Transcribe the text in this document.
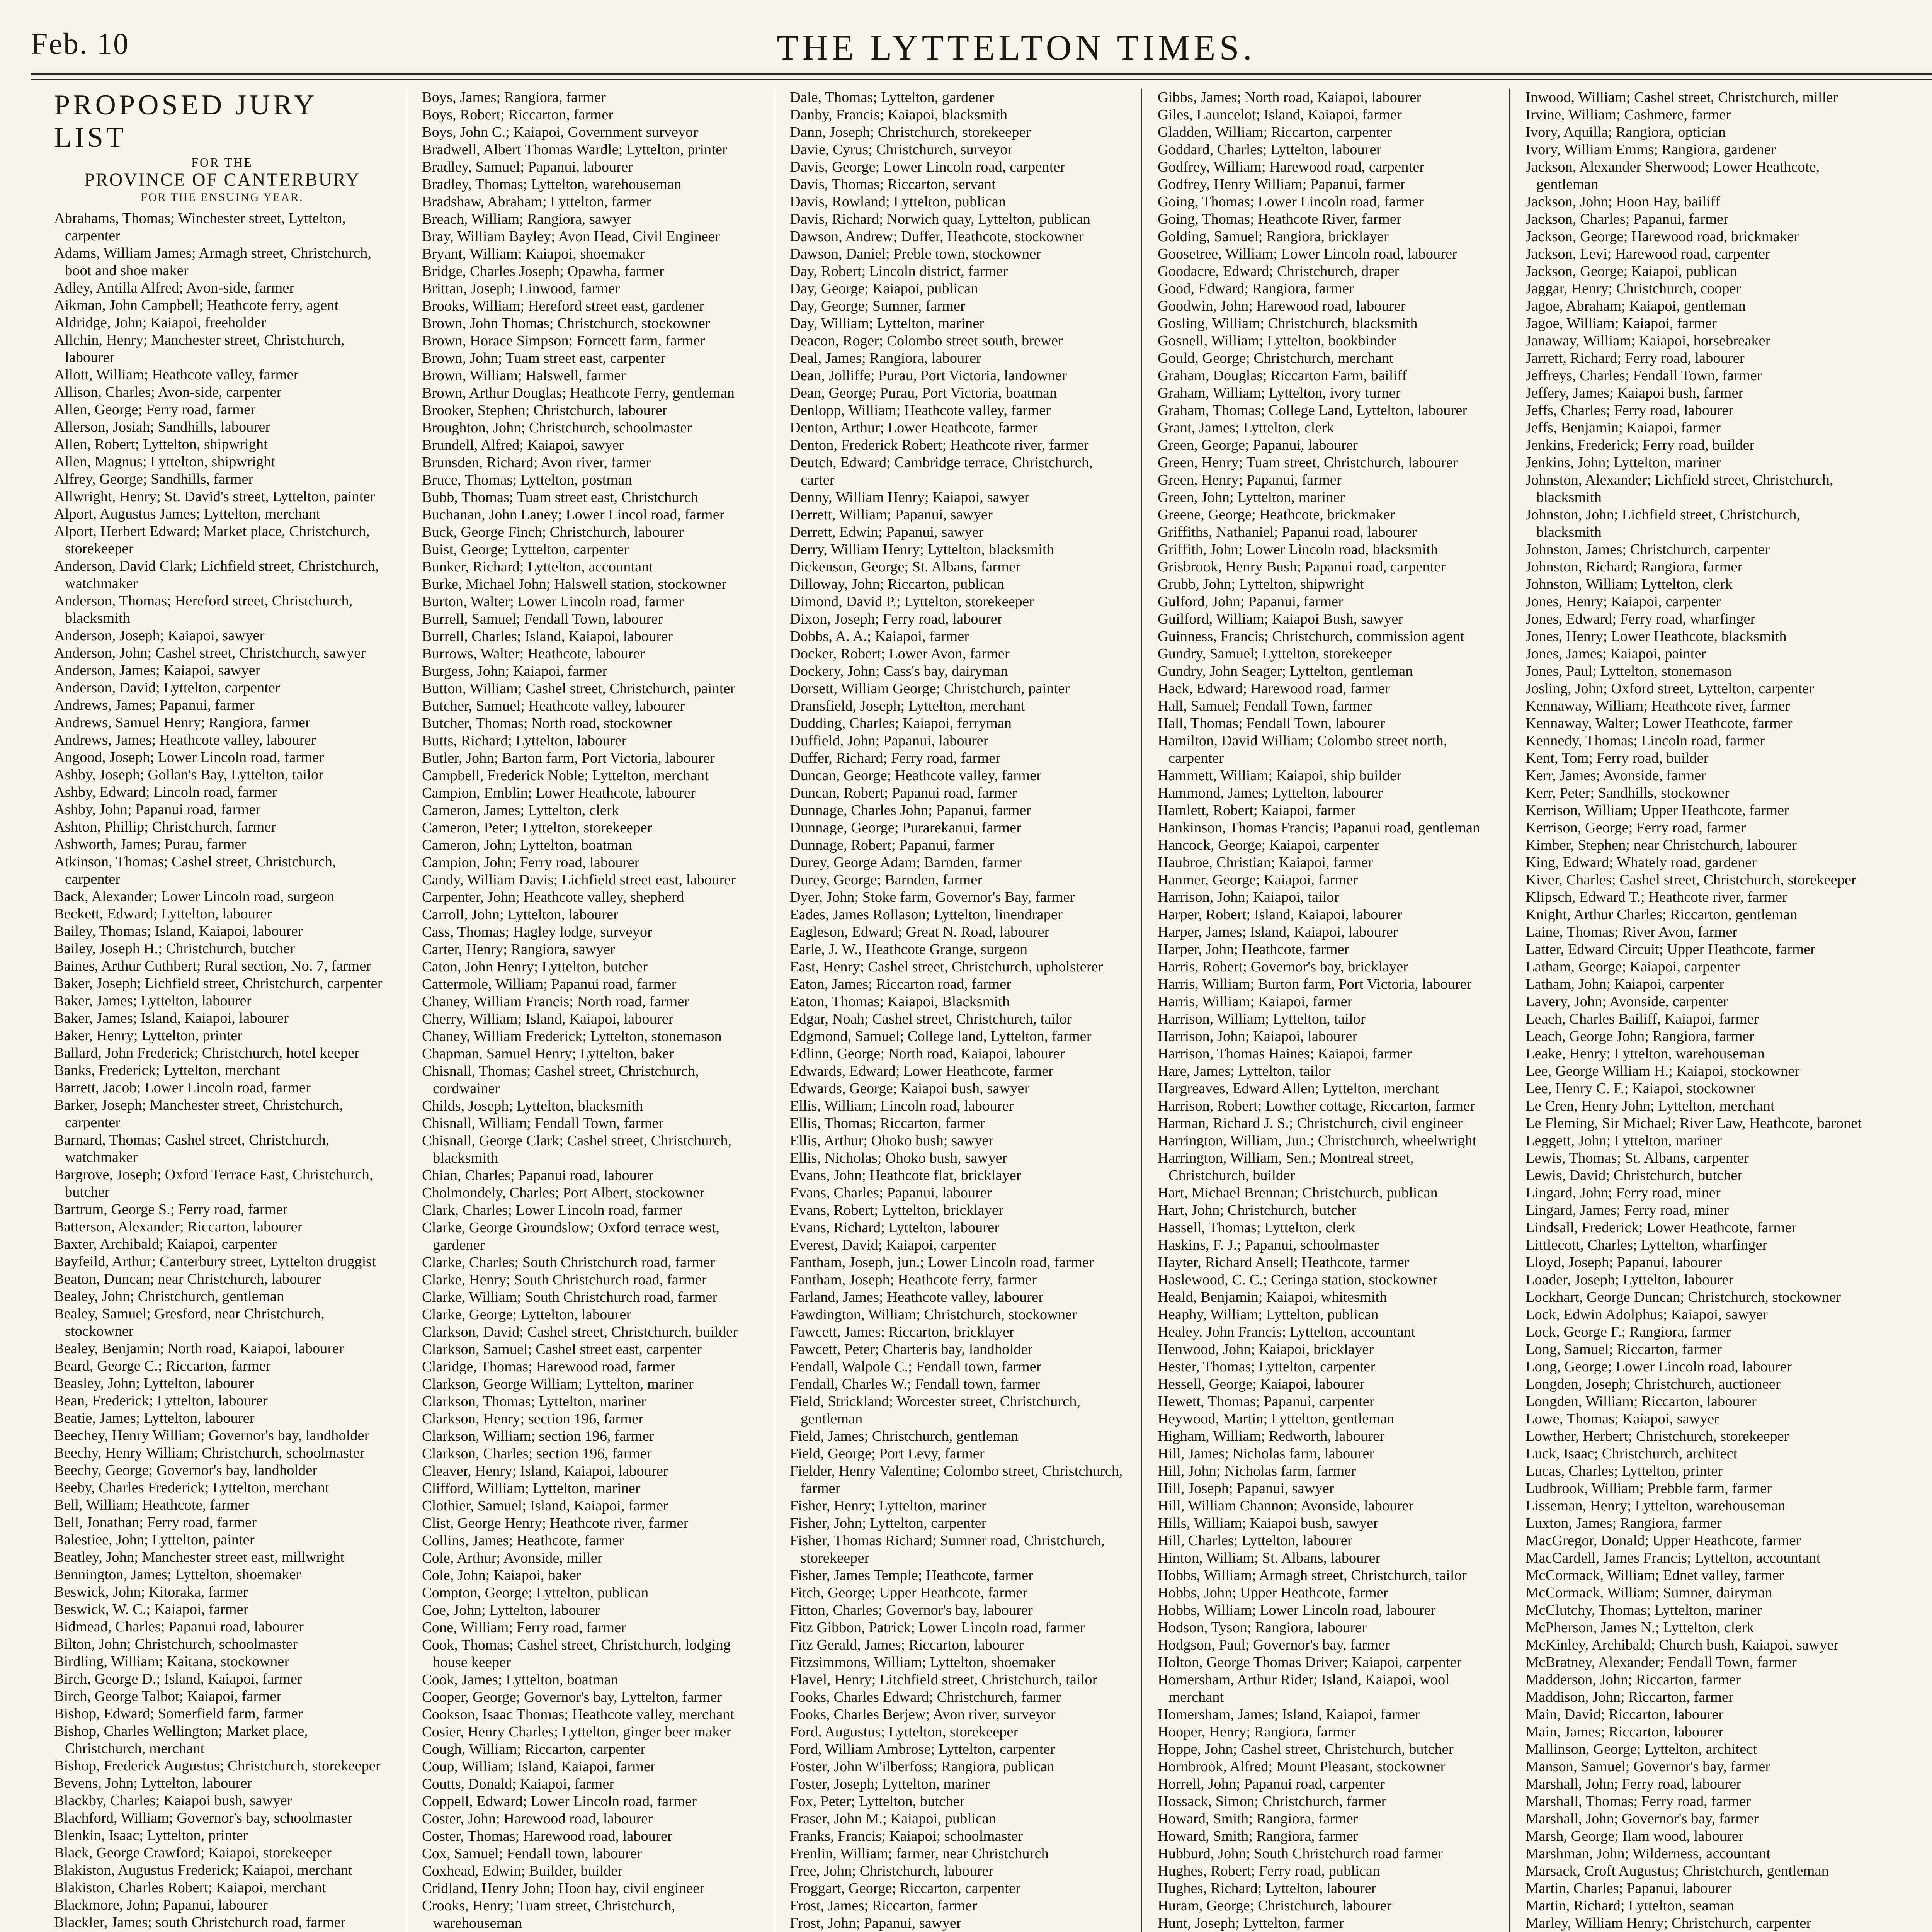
Feb. 10	THE LYTTELTON TIMES.
PROPOSED JURY LIST
FOR THE
PROVINCE OF CANTERBURY
FOR THE ENSUING YEAR.

Abrahams, Thomas; Winchester street, Lyttelton, carpenter

Adams, William James; Armagh street, Christchurch, boot and shoe maker

Adley, Antilla Alfred; Avon-side, farmer

Aikman, John Campbell; Heathcote ferry, agent

Aldridge, John; Kaiapoi, freeholder

Allchin, Henry; Manchester street, Christchurch, labourer

Allott, William; Heathcote valley, farmer

Allison, Charles; Avon-side, carpenter

Allen, George; Ferry road, farmer

Allerson, Josiah; Sandhills, labourer

Allen, Robert; Lyttelton, shipwright

Allen, Magnus; Lyttelton, shipwright

Alfrey, George; Sandhills, farmer

Allwright, Henry; St. David's street, Lyttelton, painter

Alport, Augustus James; Lyttelton, merchant

Alport, Herbert Edward; Market place, Christchurch, storekeeper

Anderson, David Clark; Lichfield street, Christchurch, watchmaker

Anderson, Thomas; Hereford street, Christchurch, blacksmith

Anderson, Joseph; Kaiapoi, sawyer

Anderson, John; Cashel street, Christchurch, sawyer

Anderson, James; Kaiapoi, sawyer

Anderson, David; Lyttelton, carpenter

Andrews, James; Papanui, farmer

Andrews, Samuel Henry; Rangiora, farmer

Andrews, James; Heathcote valley, labourer

Angood, Joseph; Lower Lincoln road, farmer

Ashby, Joseph; Gollan's Bay, Lyttelton, tailor

Ashby, Edward; Lincoln road, farmer

Ashby, John; Papanui road, farmer

Ashton, Phillip; Christchurch, farmer

Ashworth, James; Purau, farmer

Atkinson, Thomas; Cashel street, Christchurch, carpenter

Back, Alexander; Lower Lincoln road, surgeon

Beckett, Edward; Lyttelton, labourer

Bailey, Thomas; Island, Kaiapoi, labourer

Bailey, Joseph H.; Christchurch, butcher

Baines, Arthur Cuthbert; Rural section, No. 7, farmer

Baker, Joseph; Lichfield street, Christchurch, carpenter

Baker, James; Lyttelton, labourer

Baker, James; Island, Kaiapoi, labourer

Baker, Henry; Lyttelton, printer

Ballard, John Frederick; Christchurch, hotel keeper

Banks, Frederick; Lyttelton, merchant

Barrett, Jacob; Lower Lincoln road, farmer

Barker, Joseph; Manchester street, Christchurch, carpenter

Barnard, Thomas; Cashel street, Christchurch, watchmaker

Bargrove, Joseph; Oxford Terrace East, Christchurch, butcher

Bartrum, George S.; Ferry road, farmer

Batterson, Alexander; Riccarton, labourer

Baxter, Archibald; Kaiapoi, carpenter

Bayfeild, Arthur; Canterbury street, Lyttelton druggist

Beaton, Duncan; near Christchurch, labourer

Bealey, John; Christchurch, gentleman

Bealey, Samuel; Gresford, near Christchurch, stockowner

Bealey, Benjamin; North road, Kaiapoi, labourer

Beard, George C.; Riccarton, farmer

Beasley, John; Lyttelton, labourer

Bean, Frederick; Lyttelton, labourer

Beatie, James; Lyttelton, labourer

Beechey, Henry William; Governor's bay, landholder

Beechy, Henry William; Christchurch, schoolmaster

Beechy, George; Governor's bay, landholder

Beeby, Charles Frederick; Lyttelton, merchant

Bell, William; Heathcote, farmer

Bell, Jonathan; Ferry road, farmer

Balestiee, John; Lyttelton, painter

Beatley, John; Manchester street east, millwright

Bennington, James; Lyttelton, shoemaker

Beswick, John; Kitoraka, farmer

Beswick, W. C.; Kaiapoi, farmer

Bidmead, Charles; Papanui road, labourer

Bilton, John; Christchurch, schoolmaster

Birdling, William; Kaitana, stockowner

Birch, George D.; Island, Kaiapoi, farmer

Birch, George Talbot; Kaiapoi, farmer

Bishop, Edward; Somerfield farm, farmer

Bishop, Charles Wellington; Market place, Christchurch, merchant

Bishop, Frederick Augustus; Christchurch, storekeeper

Bevens, John; Lyttelton, labourer

Blackby, Charles; Kaiapoi bush, sawyer

Blachford, William; Governor's bay, schoolmaster

Blenkin, Isaac; Lyttelton, printer

Black, George Crawford; Kaiapoi, storekeeper

Blakiston, Augustus Frederick; Kaiapoi, merchant

Blakiston, Charles Robert; Kaiapoi, merchant

Blackmore, John; Papanui, labourer

Blackler, James; south Christchurch road, farmer

Boys, James; Rangiora, farmer

Boys, Robert; Riccarton, farmer

Boys, John C.; Kaiapoi, Government surveyor

Bradwell, Albert Thomas Wardle; Lyttelton, printer

Bradley, Samuel; Papanui, labourer

Bradley, Thomas; Lyttelton, warehouseman

Bradshaw, Abraham; Lyttelton, farmer

Breach, William; Rangiora, sawyer

Bray, William Bayley; Avon Head, Civil Engineer

Bryant, William; Kaiapoi, shoemaker

Bridge, Charles Joseph; Opawha, farmer

Brittan, Joseph; Linwood, farmer

Brooks, William; Hereford street east, gardener

Brown, John Thomas; Christchurch, stockowner

Brown, Horace Simpson; Forncett farm, farmer

Brown, John; Tuam street east, carpenter

Brown, William; Halswell, farmer

Brown, Arthur Douglas; Heathcote Ferry, gentleman

Brooker, Stephen; Christchurch, labourer

Broughton, John; Christchurch, schoolmaster

Brundell, Alfred; Kaiapoi, sawyer

Brunsden, Richard; Avon river, farmer

Bruce, Thomas; Lyttelton, postman

Bubb, Thomas; Tuam street east, Christchurch

Buchanan, John Laney; Lower Lincol road, farmer

Buck, George Finch; Christchurch, labourer

Buist, George; Lyttelton, carpenter

Bunker, Richard; Lyttelton, accountant

Burke, Michael John; Halswell station, stockowner

Burton, Walter; Lower Lincoln road, farmer

Burrell, Samuel; Fendall Town, labourer

Burrell, Charles; Island, Kaiapoi, labourer

Burrows, Walter; Heathcote, labourer

Burgess, John; Kaiapoi, farmer

Button, William; Cashel street, Christchurch, painter

Butcher, Samuel; Heathcote valley, labourer

Butcher, Thomas; North road, stockowner

Butts, Richard; Lyttelton, labourer

Butler, John; Barton farm, Port Victoria, labourer

Campbell, Frederick Noble; Lyttelton, merchant

Campion, Emblin; Lower Heathcote, labourer

Cameron, James; Lyttelton, clerk

Cameron, Peter; Lyttelton, storekeeper

Cameron, John; Lyttelton, boatman

Campion, John; Ferry road, labourer

Candy, William Davis; Lichfield street east, labourer

Carpenter, John; Heathcote valley, shepherd

Carroll, John; Lyttelton, labourer

Cass, Thomas; Hagley lodge, surveyor

Carter, Henry; Rangiora, sawyer

Caton, John Henry; Lyttelton, butcher

Cattermole, William; Papanui road, farmer

Chaney, William Francis; North road, farmer

Cherry, William; Island, Kaiapoi, labourer

Chaney, William Frederick; Lyttelton, stonemason

Chapman, Samuel Henry; Lyttelton, baker

Chisnall, Thomas; Cashel street, Christchurch, cordwainer

Childs, Joseph; Lyttelton, blacksmith

Chisnall, William; Fendall Town, farmer

Chisnall, George Clark; Cashel street, Christchurch, blacksmith

Chian, Charles; Papanui road, labourer

Cholmondely, Charles; Port Albert, stockowner

Clark, Charles; Lower Lincoln road, farmer

Clarke, George Groundslow; Oxford terrace west, gardener

Clarke, Charles; South Christchurch road, farmer

Clarke, Henry; South Christchurch road, farmer

Clarke, William; South Christchurch road, farmer

Clarke, George; Lyttelton, labourer

Clarkson, David; Cashel street, Christchurch, builder

Clarkson, Samuel; Cashel street east, carpenter

Claridge, Thomas; Harewood road, farmer

Clarkson, George William; Lyttelton, mariner

Clarkson, Thomas; Lyttelton, mariner

Clarkson, Henry; section 196, farmer

Clarkson, William; section 196, farmer

Clarkson, Charles; section 196, farmer

Cleaver, Henry; Island, Kaiapoi, labourer

Clifford, William; Lyttelton, mariner

Clothier, Samuel; Island, Kaiapoi, farmer

Clist, George Henry; Heathcote river, farmer

Collins, James; Heathcote, farmer

Cole, Arthur; Avonside, miller

Cole, John; Kaiapoi, baker

Compton, George; Lyttelton, publican

Coe, John; Lyttelton, labourer

Cone, William; Ferry road, farmer

Cook, Thomas; Cashel street, Christchurch, lodging house keeper

Cook, James; Lyttelton, boatman

Cooper, George; Governor's bay, Lyttelton, farmer

Cookson, Isaac Thomas; Heathcote valley, merchant

Cosier, Henry Charles; Lyttelton, ginger beer maker

Cough, William; Riccarton, carpenter

Coup, William; Island, Kaiapoi, farmer

Coutts, Donald; Kaiapoi, farmer

Coppell, Edward; Lower Lincoln road, farmer

Coster, John; Harewood road, labourer

Coster, Thomas; Harewood road, labourer

Cox, Samuel; Fendall town, labourer

Coxhead, Edwin; Builder, builder

Cridland, Henry John; Hoon hay, civil engineer

Crooks, Henry; Tuam street, Christchurch, warehouseman

Dale, Thomas; Lyttelton, gardener

Danby, Francis; Kaiapoi, blacksmith

Dann, Joseph; Christchurch, storekeeper

Davie, Cyrus; Christchurch, surveyor

Davis, George; Lower Lincoln road, carpenter

Davis, Thomas; Riccarton, servant

Davis, Rowland; Lyttelton, publican

Davis, Richard; Norwich quay, Lyttelton, publican

Dawson, Andrew; Duffer, Heathcote, stockowner

Dawson, Daniel; Preble town, stockowner

Day, Robert; Lincoln district, farmer

Day, George; Kaiapoi, publican

Day, George; Sumner, farmer

Day, William; Lyttelton, mariner

Deacon, Roger; Colombo street south, brewer

Deal, James; Rangiora, labourer

Dean, Jolliffe; Purau, Port Victoria, landowner

Dean, George; Purau, Port Victoria, boatman

Denlopp, William; Heathcote valley, farmer

Denton, Arthur; Lower Heathcote, farmer

Denton, Frederick Robert; Heathcote river, farmer

Deutch, Edward; Cambridge terrace, Christchurch, carter

Denny, William Henry; Kaiapoi, sawyer

Derrett, William; Papanui, sawyer

Derrett, Edwin; Papanui, sawyer

Derry, William Henry; Lyttelton, blacksmith

Dickenson, George; St. Albans, farmer

Dilloway, John; Riccarton, publican

Dimond, David P.; Lyttelton, storekeeper

Dixon, Joseph; Ferry road, labourer

Dobbs, A. A.; Kaiapoi, farmer

Docker, Robert; Lower Avon, farmer

Dockery, John; Cass's bay, dairyman

Dorsett, William George; Christchurch, painter

Dransfield, Joseph; Lyttelton, merchant

Dudding, Charles; Kaiapoi, ferryman

Duffield, John; Papanui, labourer

Duffer, Richard; Ferry road, farmer

Duncan, George; Heathcote valley, farmer

Duncan, Robert; Papanui road, farmer

Dunnage, Charles John; Papanui, farmer

Dunnage, George; Purarekanui, farmer

Dunnage, Robert; Papanui, farmer

Durey, George Adam; Barnden, farmer

Durey, George; Barnden, farmer

Dyer, John; Stoke farm, Governor's Bay, farmer

Eades, James Rollason; Lyttelton, linendraper

Eagleson, Edward; Great N. Road, labourer

Earle, J. W., Heathcote Grange, surgeon

East, Henry; Cashel street, Christchurch, upholsterer

Eaton, James; Riccarton road, farmer

Eaton, Thomas; Kaiapoi, Blacksmith

Edgar, Noah; Cashel street, Christchurch, tailor

Edgmond, Samuel; College land, Lyttelton, farmer

Edlinn, George; North road, Kaiapoi, labourer

Edwards, Edward; Lower Heathcote, farmer

Edwards, George; Kaiapoi bush, sawyer

Ellis, William; Lincoln road, labourer

Ellis, Thomas; Riccarton, farmer

Ellis, Arthur; Ohoko bush; sawyer

Ellis, Nicholas; Ohoko bush, sawyer

Evans, John; Heathcote flat, bricklayer

Evans, Charles; Papanui, labourer

Evans, Robert; Lyttelton, bricklayer

Evans, Richard; Lyttelton, labourer

Everest, David; Kaiapoi, carpenter

Fantham, Joseph, jun.; Lower Lincoln road, farmer

Fantham, Joseph; Heathcote ferry, farmer

Farland, James; Heathcote valley, labourer

Fawdington, William; Christchurch, stockowner

Fawcett, James; Riccarton, bricklayer

Fawcett, Peter; Charteris bay, landholder

Fendall, Walpole C.; Fendall town, farmer

Fendall, Charles W.; Fendall town, farmer

Field, Strickland; Worcester street, Christchurch, gentleman

Field, James; Christchurch, gentleman

Field, George; Port Levy, farmer

Fielder, Henry Valentine; Colombo street, Christchurch, farmer

Fisher, Henry; Lyttelton, mariner

Fisher, John; Lyttelton, carpenter

Fisher, Thomas Richard; Sumner road, Christchurch, storekeeper

Fisher, James Temple; Heathcote, farmer

Fitch, George; Upper Heathcote, farmer

Fitton, Charles; Governor's bay, labourer

Fitz Gibbon, Patrick; Lower Lincoln road, farmer

Fitz Gerald, James; Riccarton, labourer

Fitzsimmons, William; Lyttelton, shoemaker

Flavel, Henry; Litchfield street, Christchurch, tailor

Fooks, Charles Edward; Christchurch, farmer

Fooks, Charles Berjew; Avon river, surveyor

Ford, Augustus; Lyttelton, storekeeper

Ford, William Ambrose; Lyttelton, carpenter

Foster, John W'ilberfoss; Rangiora, publican

Foster, Joseph; Lyttelton, mariner

Fox, Peter; Lyttelton, butcher

Fraser, John M.; Kaiapoi, publican

Franks, Francis; Kaiapoi; schoolmaster

Frenlin, William; farmer, near Christchurch

Free, John; Christchurch, labourer

Froggart, George; Riccarton, carpenter

Frost, James; Riccarton, farmer

Frost, John; Papanui, sawyer

Gibbs, James; North road, Kaiapoi, labourer

Giles, Launcelot; Island, Kaiapoi, farmer

Gladden, William; Riccarton, carpenter

Goddard, Charles; Lyttelton, labourer

Godfrey, William; Harewood road, carpenter

Godfrey, Henry William; Papanui, farmer

Going, Thomas; Lower Lincoln road, farmer

Going, Thomas; Heathcote River, farmer

Golding, Samuel; Rangiora, bricklayer

Goosetree, William; Lower Lincoln road, labourer

Goodacre, Edward; Christchurch, draper

Good, Edward; Rangiora, farmer

Goodwin, John; Harewood road, labourer

Gosling, William; Christchurch, blacksmith

Gosnell, William; Lyttelton, bookbinder

Gould, George; Christchurch, merchant

Graham, Douglas; Riccarton Farm, bailiff

Graham, William; Lyttelton, ivory turner

Graham, Thomas; College Land, Lyttelton, labourer

Grant, James; Lyttelton, clerk

Green, George; Papanui, labourer

Green, Henry; Tuam street, Christchurch, labourer

Green, Henry; Papanui, farmer

Green, John; Lyttelton, mariner

Greene, George; Heathcote, brickmaker

Griffiths, Nathaniel; Papanui road, labourer

Griffith, John; Lower Lincoln road, blacksmith

Grisbrook, Henry Bush; Papanui road, carpenter

Grubb, John; Lyttelton, shipwright

Gulford, John; Papanui, farmer

Guilford, William; Kaiapoi Bush, sawyer

Guinness, Francis; Christchurch, commission agent

Gundry, Samuel; Lyttelton, storekeeper

Gundry, John Seager; Lyttelton, gentleman

Hack, Edward; Harewood road, farmer

Hall, Samuel; Fendall Town, farmer

Hall, Thomas; Fendall Town, labourer

Hamilton, David William; Colombo street north, carpenter

Hammett, William; Kaiapoi, ship builder

Hammond, James; Lyttelton, labourer

Hamlett, Robert; Kaiapoi, farmer

Hankinson, Thomas Francis; Papanui road, gentleman

Hancock, George; Kaiapoi, carpenter

Haubroe, Christian; Kaiapoi, farmer

Hanmer, George; Kaiapoi, farmer

Harrison, John; Kaiapoi, tailor

Harper, Robert; Island, Kaiapoi, labourer

Harper, James; Island, Kaiapoi, labourer

Harper, John; Heathcote, farmer

Harris, Robert; Governor's bay, bricklayer

Harris, William; Burton farm, Port Victoria, labourer

Harris, William; Kaiapoi, farmer

Harrison, William; Lyttelton, tailor

Harrison, John; Kaiapoi, labourer

Harrison, Thomas Haines; Kaiapoi, farmer

Hare, James; Lyttelton, tailor

Hargreaves, Edward Allen; Lyttelton, merchant

Harrison, Robert; Lowther cottage, Riccarton, farmer

Harman, Richard J. S.; Christchurch, civil engineer

Harrington, William, Jun.; Christchurch, wheelwright

Harrington, William, Sen.; Montreal street, Christchurch, builder

Hart, Michael Brennan; Christchurch, publican

Hart, John; Christchurch, butcher

Hassell, Thomas; Lyttelton, clerk

Haskins, F. J.; Papanui, schoolmaster

Hayter, Richard Ansell; Heathcote, farmer

Haslewood, C. C.; Ceringa station, stockowner

Heald, Benjamin; Kaiapoi, whitesmith

Heaphy, William; Lyttelton, publican

Healey, John Francis; Lyttelton, accountant

Henwood, John; Kaiapoi, bricklayer

Hester, Thomas; Lyttelton, carpenter

Hessell, George; Kaiapoi, labourer

Hewett, Thomas; Papanui, carpenter

Heywood, Martin; Lyttelton, gentleman

Higham, William; Redworth, labourer

Hill, James; Nicholas farm, labourer

Hill, John; Nicholas farm, farmer

Hill, Joseph; Papanui, sawyer

Hill, William Channon; Avonside, labourer

Hills, William; Kaiapoi bush, sawyer

Hill, Charles; Lyttelton, labourer

Hinton, William; St. Albans, labourer

Hobbs, William; Armagh street, Christchurch, tailor

Hobbs, John; Upper Heathcote, farmer

Hobbs, William; Lower Lincoln road, labourer

Hodson, Tyson; Rangiora, labourer

Hodgson, Paul; Governor's bay, farmer

Holton, George Thomas Driver; Kaiapoi, carpenter

Homersham, Arthur Rider; Island, Kaiapoi, wool merchant

Homersham, James; Island, Kaiapoi, farmer

Hooper, Henry; Rangiora, farmer

Hoppe, John; Cashel street, Christchurch, butcher

Hornbrook, Alfred; Mount Pleasant, stockowner

Horrell, John; Papanui road, carpenter

Hossack, Simon; Christchurch, farmer

Howard, Smith; Rangiora, farmer

Howard, Smith; Rangiora, farmer

Hubburd, John; South Christchurch road farmer

Hughes, Robert; Ferry road, publican

Hughes, Richard; Lyttelton, labourer

Huram, George; Christchurch, labourer

Hunt, Joseph; Lyttelton, farmer

Inwood, William; Cashel street, Christchurch, miller

Irvine, William; Cashmere, farmer

Ivory, Aquilla; Rangiora, optician

Ivory, William Emms; Rangiora, gardener

Jackson, Alexander Sherwood; Lower Heathcote, gentleman

Jackson, John; Hoon Hay, bailiff

Jackson, Charles; Papanui, farmer

Jackson, George; Harewood road, brickmaker

Jackson, Levi; Harewood road, carpenter

Jackson, George; Kaiapoi, publican

Jaggar, Henry; Christchurch, cooper

Jagoe, Abraham; Kaiapoi, gentleman

Jagoe, William; Kaiapoi, farmer

Janaway, William; Kaiapoi, horsebreaker

Jarrett, Richard; Ferry road, labourer

Jeffreys, Charles; Fendall Town, farmer

Jeffery, James; Kaiapoi bush, farmer

Jeffs, Charles; Ferry road, labourer

Jeffs, Benjamin; Kaiapoi, farmer

Jenkins, Frederick; Ferry road, builder

Jenkins, John; Lyttelton, mariner

Johnston, Alexander; Lichfield street, Christchurch, blacksmith

Johnston, John; Lichfield street, Christchurch, blacksmith

Johnston, James; Christchurch, carpenter

Johnston, Richard; Rangiora, farmer

Johnston, William; Lyttelton, clerk

Jones, Henry; Kaiapoi, carpenter

Jones, Edward; Ferry road, wharfinger

Jones, Henry; Lower Heathcote, blacksmith

Jones, James; Kaiapoi, painter

Jones, Paul; Lyttelton, stonemason

Josling, John; Oxford street, Lyttelton, carpenter

Kennaway, William; Heathcote river, farmer

Kennaway, Walter; Lower Heathcote, farmer

Kennedy, Thomas; Lincoln road, farmer

Kent, Tom; Ferry road, builder

Kerr, James; Avonside, farmer

Kerr, Peter; Sandhills, stockowner

Kerrison, William; Upper Heathcote, farmer

Kerrison, George; Ferry road, farmer

Kimber, Stephen; near Christchurch, labourer

King, Edward; Whately road, gardener

Kiver, Charles; Cashel street, Christchurch, storekeeper

Klipsch, Edward T.; Heathcote river, farmer

Knight, Arthur Charles; Riccarton, gentleman

Laine, Thomas; River Avon, farmer

Latter, Edward Circuit; Upper Heathcote, farmer

Latham, George; Kaiapoi, carpenter

Latham, John; Kaiapoi, carpenter

Lavery, John; Avonside, carpenter

Leach, Charles Bailiff, Kaiapoi, farmer

Leach, George John; Rangiora, farmer

Leake, Henry; Lyttelton, warehouseman

Lee, George William H.; Kaiapoi, stockowner

Lee, Henry C. F.; Kaiapoi, stockowner

Le Cren, Henry John; Lyttelton, merchant

Le Fleming, Sir Michael; River Law, Heathcote, baronet

Leggett, John; Lyttelton, mariner

Lewis, Thomas; St. Albans, carpenter

Lewis, David; Christchurch, butcher

Lingard, John; Ferry road, miner

Lingard, James; Ferry road, miner

Lindsall, Frederick; Lower Heathcote, farmer

Littlecott, Charles; Lyttelton, wharfinger

Lloyd, Joseph; Papanui, labourer

Loader, Joseph; Lyttelton, labourer

Lockhart, George Duncan; Christchurch, stockowner

Lock, Edwin Adolphus; Kaiapoi, sawyer

Lock, George F.; Rangiora, farmer

Long, Samuel; Riccarton, farmer

Long, George; Lower Lincoln road, labourer

Longden, Joseph; Christchurch, auctioneer

Longden, William; Riccarton, labourer

Lowe, Thomas; Kaiapoi, sawyer

Lowther, Herbert; Christchurch, storekeeper

Luck, Isaac; Christchurch, architect

Lucas, Charles; Lyttelton, printer

Ludbrook, William; Prebble farm, farmer

Lisseman, Henry; Lyttelton, warehouseman

Luxton, James; Rangiora, farmer

MacGregor, Donald; Upper Heathcote, farmer

MacCardell, James Francis; Lyttelton, accountant

McCormack, William; Ednet valley, farmer

McCormack, William; Sumner, dairyman

McClutchy, Thomas; Lyttelton, mariner

McPherson, James N.; Lyttelton, clerk

McKinley, Archibald; Church bush, Kaiapoi, sawyer

McBratney, Alexander; Fendall Town, farmer

Madderson, John; Riccarton, farmer

Maddison, John; Riccarton, farmer

Main, David; Riccarton, labourer

Main, James; Riccarton, labourer

Mallinson, George; Lyttelton, architect

Manson, Samuel; Governor's bay, farmer

Marshall, John; Ferry road, labourer

Marshall, Thomas; Ferry road, farmer

Marshall, John; Governor's bay, farmer

Marsh, George; Ilam wood, labourer

Marshman, John; Wilderness, accountant

Marsack, Croft Augustus; Christchurch, gentleman

Martin, Charles; Papanui, labourer

Martin, Richard; Lyttelton, seaman

Marley, William Henry; Christchurch, carpenter
